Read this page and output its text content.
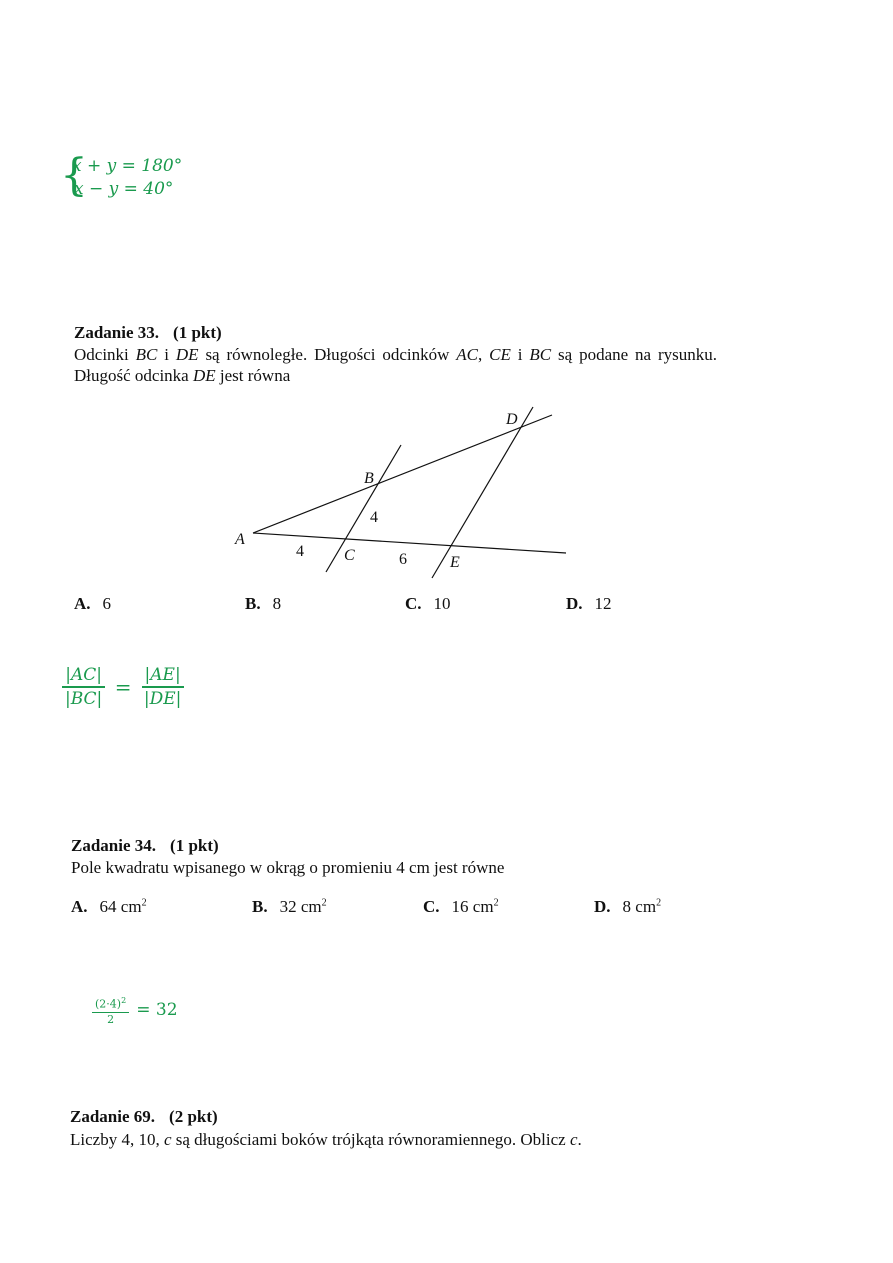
{
x + y = 180°
x − y = 40°
Zadanie 33. (1 pkt)
Odcinki BC i DE są równoległe. Długości odcinków AC, CE i BC są podane na rysunku.
Długość odcinka DE jest równa
A
B
C
D
E
4
4
6
A. 6	B. 8	C. 10	D. 12
$\frac{|AC|}{|BC|} = \frac{|AE|}{|DE|}$
Zadanie 34. (1 pkt)
Pole kwadratu wpisanego w okrąg o promieniu 4 cm jest równe
A. 64 $cm^2$	B. 32 $cm^2$	C. 16 $cm^2$	D. 8 $cm^2$
$\frac{(2\cdot 4)^2}{2} = 32$
Zadanie 69. (2 pkt)
Liczby 4, 10, c są długościami boków trójkąta równoramiennego. Oblicz c.
